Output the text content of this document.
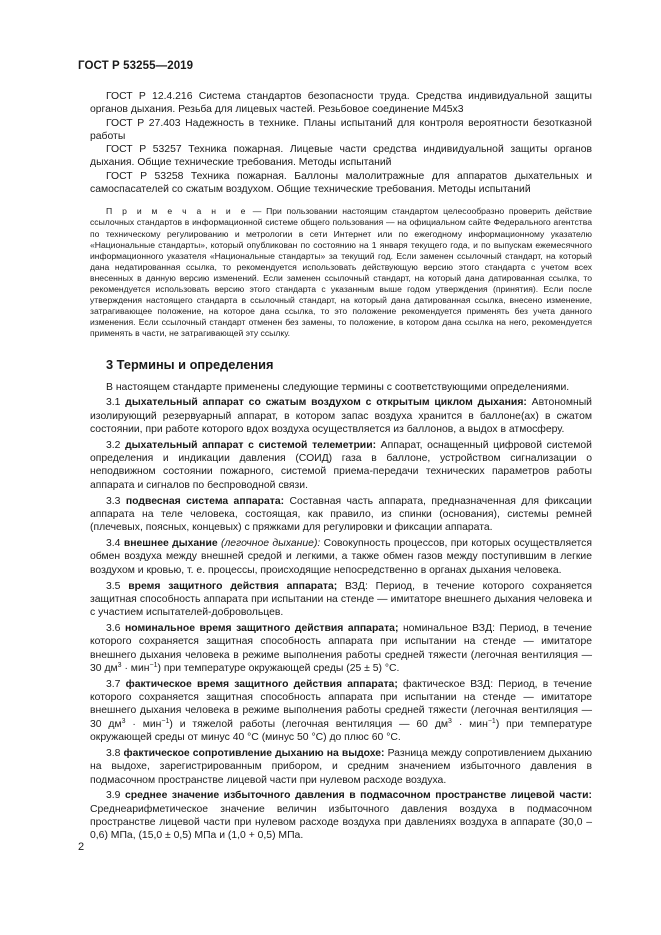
ГОСТ Р 53255—2019

ГОСТ Р 12.4.216 Система стандартов безопасности труда. Средства индивидуальной защиты органов дыхания. Резьба для лицевых частей. Резьбовое соединение М45х3

ГОСТ Р 27.403 Надежность в технике. Планы испытаний для контроля вероятности безотказной работы

ГОСТ Р 53257 Техника пожарная. Лицевые части средства индивидуальной защиты органов дыхания. Общие технические требования. Методы испытаний

ГОСТ Р 53258 Техника пожарная. Баллоны малолитражные для аппаратов дыхательных и самоспасателей со сжатым воздухом. Общие технические требования. Методы испытаний

П р и м е ч а н и е — При пользовании настоящим стандартом целесообразно проверить действие ссылочных стандартов в информационной системе общего пользования — на официальном сайте Федерального агентства по техническому регулированию и метрологии в сети Интернет или по ежегодному информационному указателю «Национальные стандарты», который опубликован по состоянию на 1 января текущего года, и по выпускам ежемесячного информационного указателя «Национальные стандарты» за текущий год. Если заменен ссылочный стандарт, на который дана недатированная ссылка, то рекомендуется использовать действующую версию этого стандарта с учетом всех внесенных в данную версию изменений. Если заменен ссылочный стандарт, на который дана датированная ссылка, то рекомендуется использовать версию этого стандарта с указанным выше годом утверждения (принятия). Если после утверждения настоящего стандарта в ссылочный стандарт, на который дана датированная ссылка, внесено изменение, затрагивающее положение, на которое дана ссылка, то это положение рекомендуется применять без учета данного изменения. Если ссылочный стандарт отменен без замены, то положение, в котором дана ссылка на него, рекомендуется применять в части, не затрагивающей эту ссылку.
3 Термины и определения

В настоящем стандарте применены следующие термины с соответствующими определениями.

3.1 дыхательный аппарат со сжатым воздухом с открытым циклом дыхания: Автономный изолирующий резервуарный аппарат, в котором запас воздуха хранится в баллоне(ах) в сжатом состоянии, при работе которого вдох воздуха осуществляется из баллонов, а выдох в атмосферу.

3.2 дыхательный аппарат с системой телеметрии: Аппарат, оснащенный цифровой системой определения и индикации давления (СОИД) газа в баллоне, устройством сигнализации о неподвижном состоянии пожарного, системой приема-передачи технических параметров работы аппарата и сигналов по беспроводной связи.

3.3 подвесная система аппарата: Составная часть аппарата, предназначенная для фиксации аппарата на теле человека, состоящая, как правило, из спинки (основания), системы ремней (плечевых, поясных, концевых) с пряжками для регулировки и фиксации аппарата.

3.4 внешнее дыхание (легочное дыхание): Совокупность процессов, при которых осуществляется обмен воздуха между внешней средой и легкими, а также обмен газов между поступившим в легкие воздухом и кровью, т. е. процессы, происходящие непосредственно в органах дыхания человека.

3.5 время защитного действия аппарата; ВЗД: Период, в течение которого сохраняется защитная способность аппарата при испытании на стенде — имитаторе внешнего дыхания человека и с участием испытателей-добровольцев.

3.6 номинальное время защитного действия аппарата; номинальное ВЗД: Период, в течение которого сохраняется защитная способность аппарата при испытании на стенде — имитаторе внешнего дыхания человека в режиме выполнения работы средней тяжести (легочная вентиляция — 30 $дм^3 \cdot мин^{-1}$) при температуре окружающей среды (25 ± 5) °С.

3.7 фактическое время защитного действия аппарата; фактическое ВЗД: Период, в течение которого сохраняется защитная способность аппарата при испытании на стенде — имитаторе внешнего дыхания человека в режиме выполнения работы средней тяжести (легочная вентиляция — 30 $дм^3 \cdot мин^{-1}$) и тяжелой работы (легочная вентиляция — 60 $дм^3 \cdot мин^{-1}$) при температуре окружающей среды от минус 40 °С (минус 50 °С) до плюс 60 °С.

3.8 фактическое сопротивление дыханию на выдохе: Разница между сопротивлением дыханию на выдохе, зарегистрированным прибором, и средним значением избыточного давления в подмасочном пространстве лицевой части при нулевом расходе воздуха.

3.9 среднее значение избыточного давления в подмасочном пространстве лицевой части: Среднеарифметическое значение величин избыточного давления воздуха в подмасочном пространстве лицевой части при нулевом расходе воздуха при давлениях воздуха в аппарате (30,0 – 0,6) МПа, (15,0 ± 0,5) МПа и (1,0 + 0,5) МПа.

2
